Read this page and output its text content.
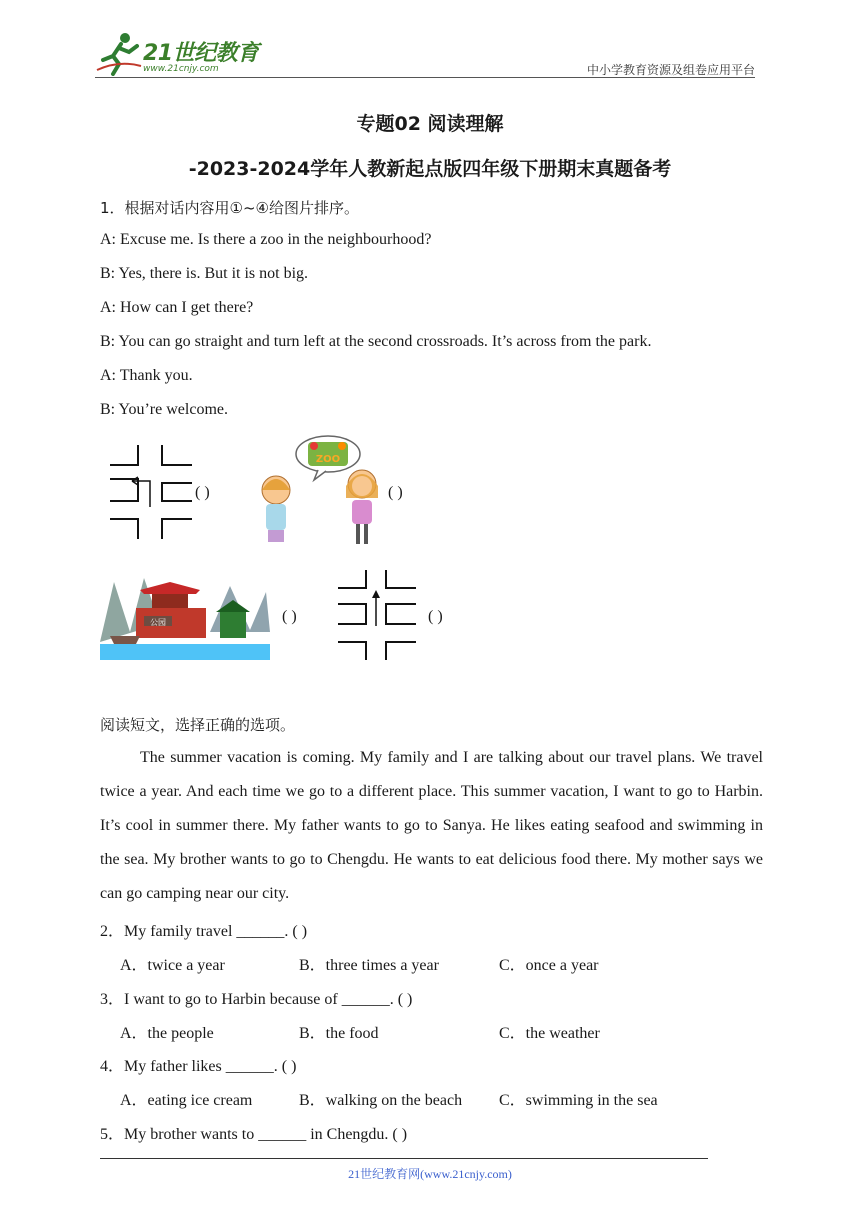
21世纪教育
www.21cnjy.com	中小学教育资源及组卷应用平台
专题02 阅读理解
-2023-2024学年人教新起点版四年级下册期末真题备考
1．根据对话内容用①~④给图片排序。
A: Excuse me. Is there a zoo in the neighbourhood?
B: Yes, there is. But it is not big.
A: How can I get there?
B: You can go straight and turn left at the second crossroads. It’s across from the park.
A: Thank you.
B: You’re welcome.
( )
ZOO
( )
公园	( )	( )
阅读短文，选择正确的选项。
The summer vacation is coming. My family and I are talking about our travel plans. We travel twice a year. And each time we go to a different place. This summer vacation, I want to go to Harbin. It’s cool in summer there. My father wants to go to Sanya. He likes eating seafood and swimming in the sea. My brother wants to go to Chengdu. He wants to eat delicious food there. My mother says we can go camping near our city.
2．My family travel ______. ( )
A．twice a year	B．three times a year	C．once a year
3．I want to go to Harbin because of ______. ( )
A．the people	B．the food	C．the weather
4．My father likes ______. ( )
A．eating ice cream	B．walking on the beach C．swimming in the sea
5．My brother wants to ______ in Chengdu. ( )
21世纪教育网(www.21cnjy.com)
